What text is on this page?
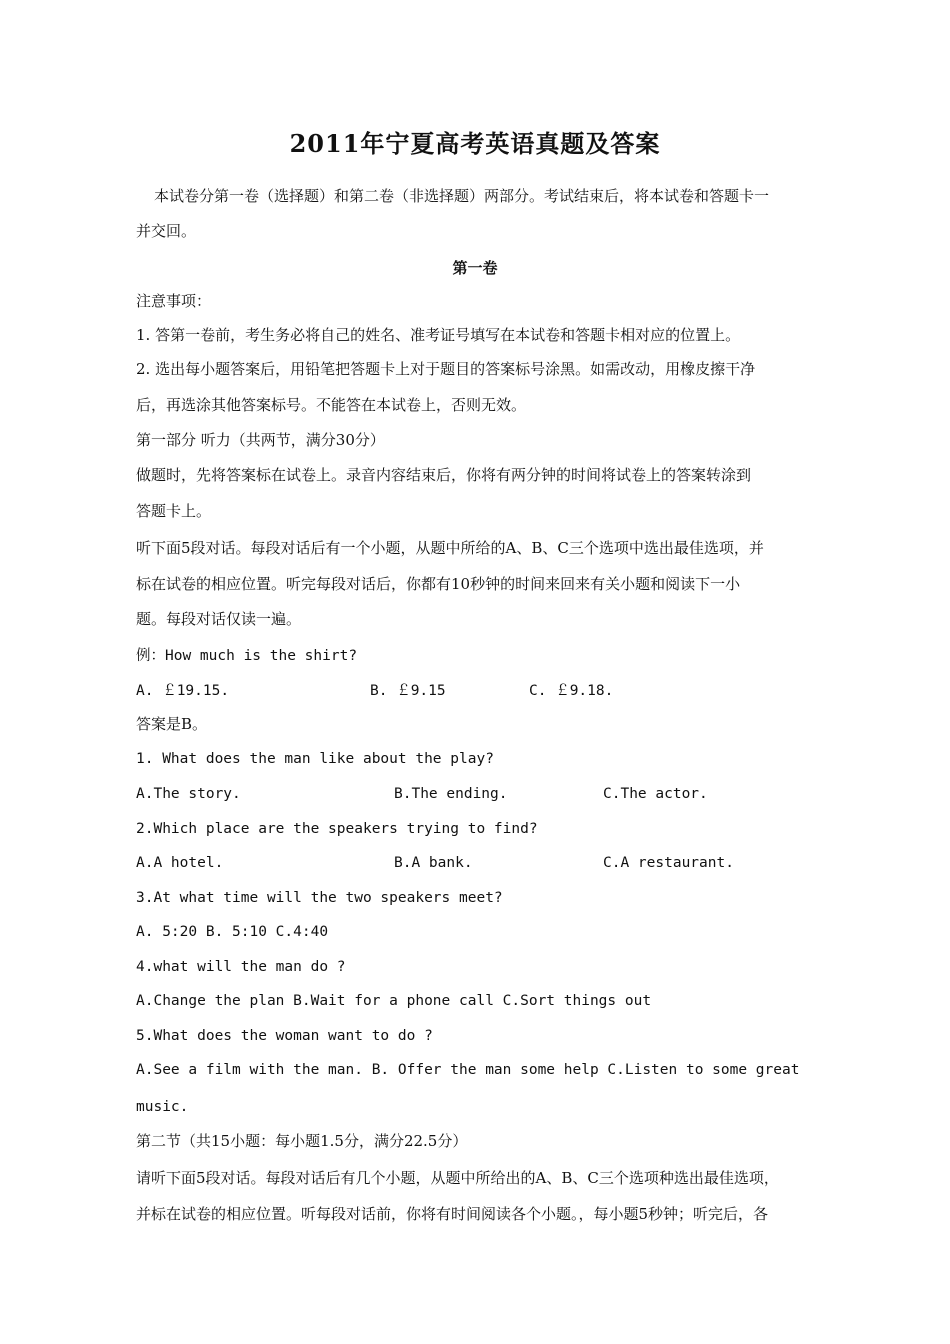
2011年宁夏高考英语真题及答案
本试卷分第一卷（选择题）和第二卷（非选择题）两部分。考试结束后，将本试卷和答题卡一
并交回。
第一卷
注意事项：
1. 答第一卷前，考生务必将自己的姓名、准考证号填写在本试卷和答题卡相对应的位置上。
2. 选出每小题答案后，用铅笔把答题卡上对于题目的答案标号涂黑。如需改动，用橡皮擦干净
后，再选涂其他答案标号。不能答在本试卷上，否则无效。
第一部分 听力（共两节，满分30分）
做题时，先将答案标在试卷上。录音内容结束后，你将有两分钟的时间将试卷上的答案转涂到
答题卡上。
听下面5段对话。每段对话后有一个小题，从题中所给的A、B、C三个选项中选出最佳选项，并
标在试卷的相应位置。听完每段对话后，你都有10秒钟的时间来回来有关小题和阅读下一小
题。每段对话仅读一遍。
例：How much is the shirt?
A. ￡19.15.	B. ￡9.15	C. ￡9.18.
答案是B。
1. What does the man like about the play?
A.The story.	B.The ending.	C.The actor.
2.Which place are the speakers trying to find?
A.A hotel.	B.A bank.	C.A restaurant.
3.At what time will the two speakers meet?
A. 5:20 B. 5:10 C.4:40
4.what will the man do ?
A.Change the plan B.Wait for a phone call C.Sort things out
5.What does the woman want to do ?
A.See a film with the man. B. Offer the man some help C.Listen to some great
music.
第二节（共15小题：每小题1.5分，满分22.5分）
请听下面5段对话。每段对话后有几个小题，从题中所给出的A、B、C三个选项种选出最佳选项，
并标在试卷的相应位置。听每段对话前，你将有时间阅读各个小题。，每小题5秒钟；听完后，各
